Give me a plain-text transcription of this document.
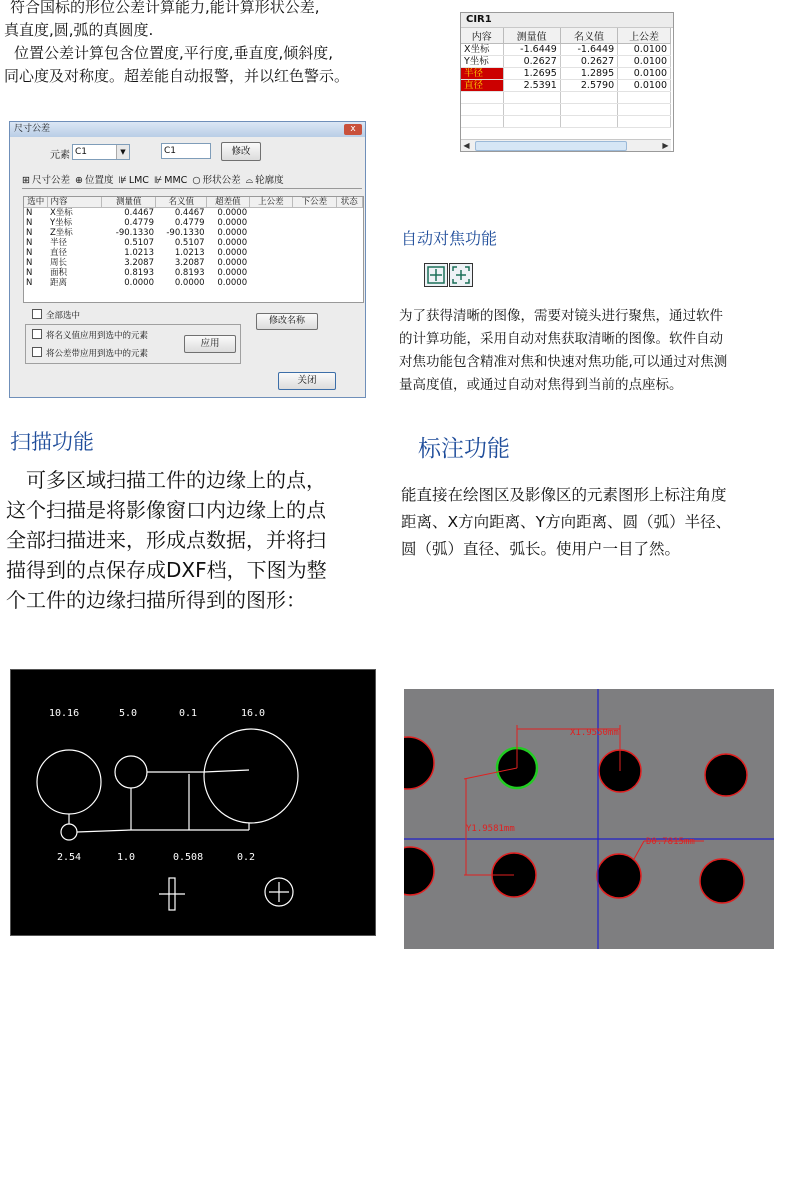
符合国标的形位公差计算能力,能计算形状公差,
真直度,圆,弧的真圆度.
位置公差计算包含位置度,平行度,垂直度,倾斜度,
同心度及对称度。超差能自动报警，并以红色警示。
CIR1
内容	测量值	名义值	上公差
X坐标	-1.6449	-1.6449	0.0100
Y坐标	0.2627	0.2627	0.0100
半径	1.2695	1.2895	0.0100
直径	2.5391	2.5790	0.0100

◀	▶
尺寸公差	x
元素 C1	▼	C1	修改
⊞ 尺寸公差 ⊕ 位置度 ⊯ LMC ⊮ MMC ○ 形状公差 ⌓ 轮廓度
选中	内容	测量值	名义值	超差值	上公差	下公差	状态
N	X坐标	0.4467	0.4467	0.0000			
N	Y坐标	0.4779	0.4779	0.0000			
N	Z坐标	-90.1330	-90.1330	0.0000			
N	半径	0.5107	0.5107	0.0000			
N	直径	1.0213	1.0213	0.0000			
N	周长	3.2087	3.2087	0.0000			
N	面积	0.8193	0.8193	0.0000			
N	距离	0.0000	0.0000	0.0000			
全部选中	修改名称
将名义值应用到选中的元素
将公差带应用到选中的元素
应用
关闭
自动对焦功能
为了获得清晰的图像，需要对镜头进行聚焦，通过软件
的计算功能，采用自动对焦获取清晰的图像。软件自动
对焦功能包含精准对焦和快速对焦功能,可以通过对焦测
量高度值，或通过自动对焦得到当前的点座标。
扫描功能
可多区域扫描工件的边缘上的点，
这个扫描是将影像窗口内边缘上的点
全部扫描进来，形成点数据，并将扫
描得到的点保存成DXF档，下图为整
个工件的边缘扫描所得到的图形：
标注功能
能直接在绘图区及影像区的元素图形上标注角度
距离、X方向距离、Y方向距离、圆（弧）半径、
圆（弧）直径、弧长。使用户一目了然。
10.16	5.0	0.1	16.0
2.54	1.0	0.508	0.2
X1.9550mm
Y1.9581mm
D0.7815mm
